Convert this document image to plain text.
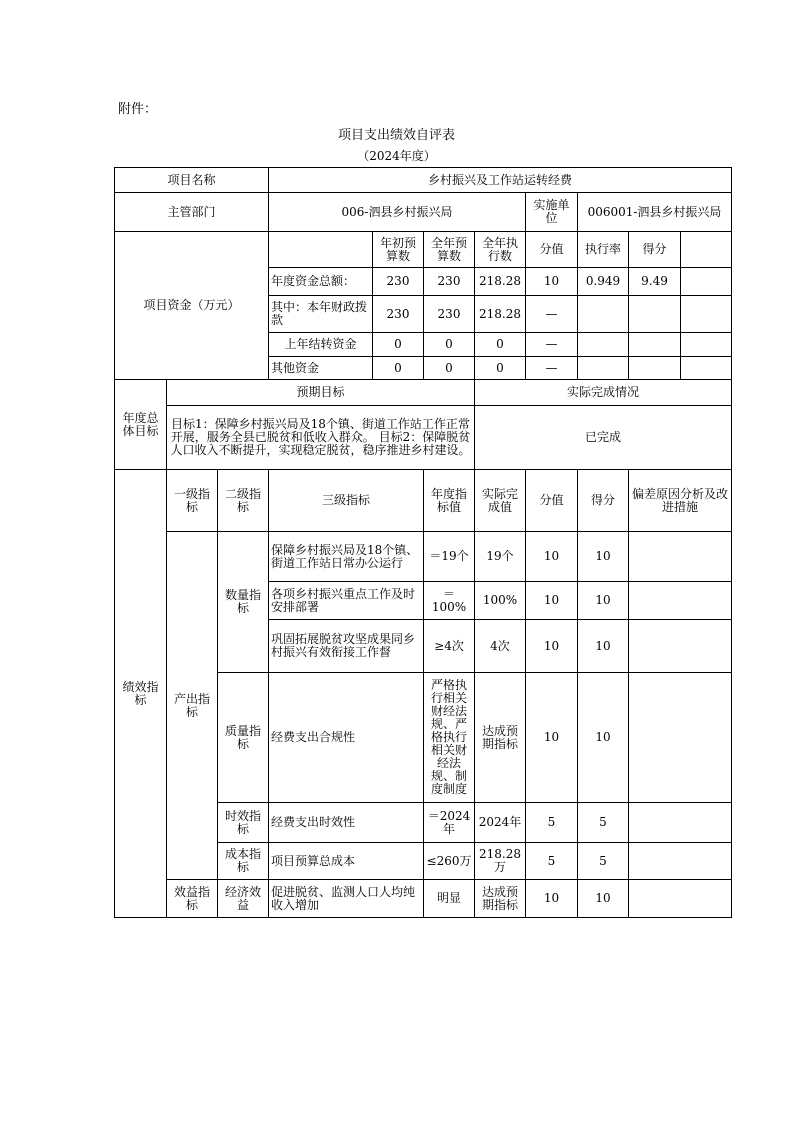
附件：
项目支出绩效自评表
（2024年度）
项目名称			乡村振兴及工作站运转经费							
主管部门			006-泗县乡村振兴局				实施单位	006001-泗县乡村振兴局		
项目资金（万元）				年初预算数	全年预算数	全年执行数	分值	执行率	得分	
			年度资金总额：	230	230	218.28	10	0.949	9.49	
			其中：本年财政拨款	230	230	218.28	—			
			上年结转资金	0	0	0	—			
			其他资金	0	0	0	—			
年度总体目标	预期目标					实际完成情况				
	目标1：保障乡村振兴局及18个镇、街道工作站工作正常开展，服务全县已脱贫和低收入群众。 目标2：保障脱贫人口收入不断提升，实现稳定脱贫，稳序推进乡村建设。					已完成				
绩效指标	一级指标	二级指标	三级指标		年度指标值	实际完成值	分值	得分	偏差原因分析及改进措施	
	产出指标	数量指标	保障乡村振兴局及18个镇、街道工作站日常办公运行		＝19个	19个	10	10		
			各项乡村振兴重点工作及时安排部署		＝100%	100%	10	10		
			巩固拓展脱贫攻坚成果同乡村振兴有效衔接工作督		≥4次	4次	10	10		
		质量指标	经费支出合规性		严格执行相关财经法规、严格执行相关财经法规、制度制度	达成预期指标	10	10		
		时效指标	经费支出时效性		＝2024年	2024年	5	5		
		成本指标	项目预算总成本		≤260万	218.28万	5	5		
	效益指标	经济效益	促进脱贫、监测人口人均纯收入增加		明显	达成预期指标	10	10		
